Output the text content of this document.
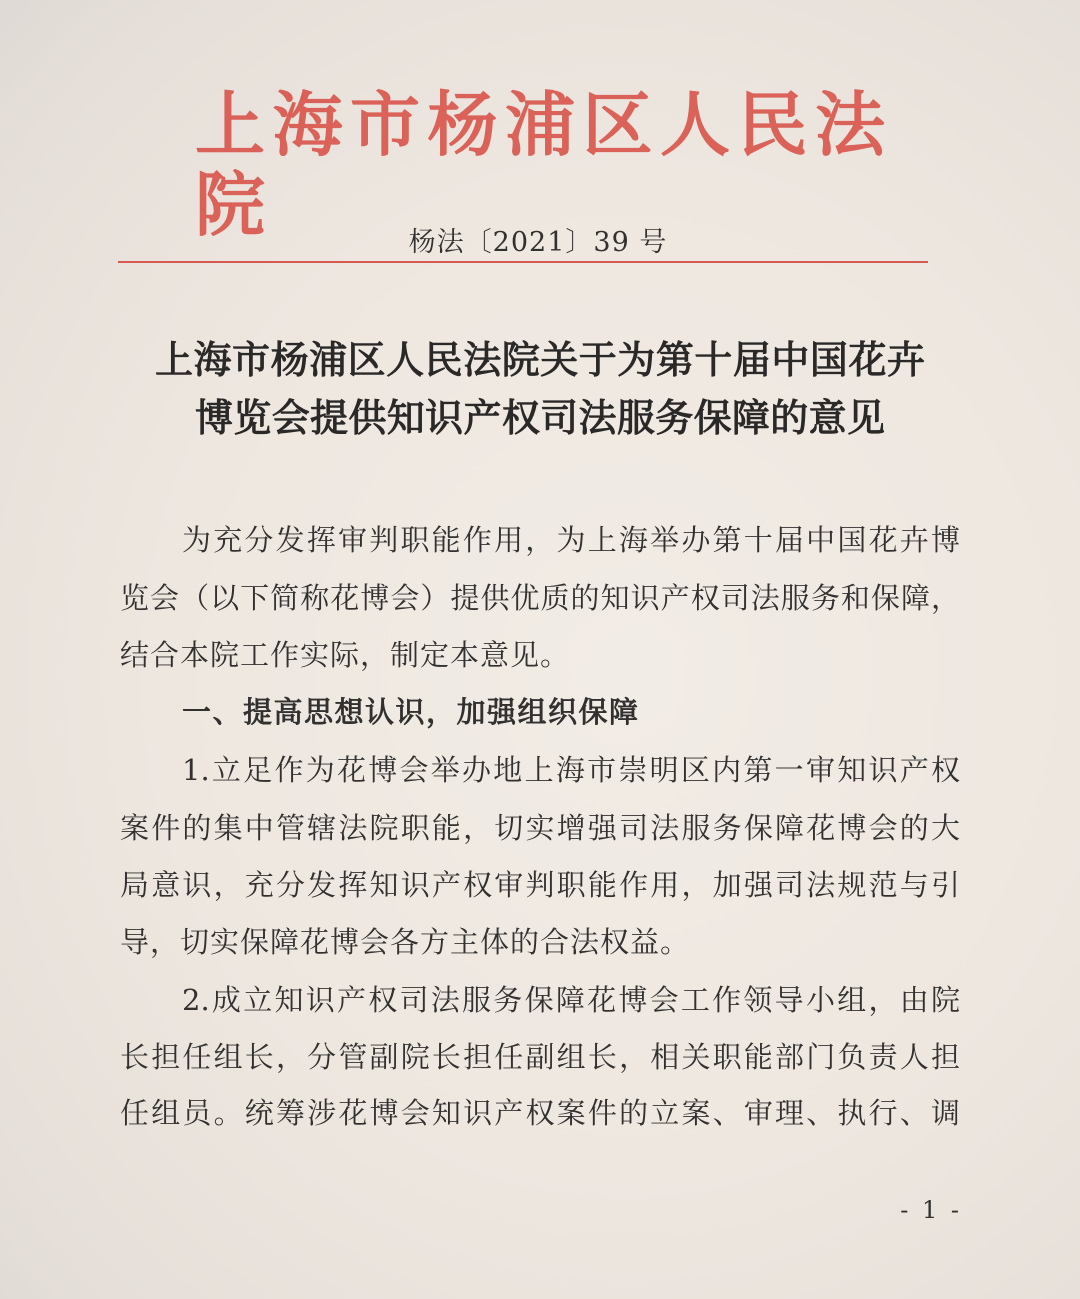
上海市杨浦区人民法院	杨法〔2021〕39 号
上海市杨浦区人民法院关于为第十届中国花卉
博览会提供知识产权司法服务保障的意见
为充分发挥审判职能作用，为上海举办第十届中国花卉博
览会（以下简称花博会）提供优质的知识产权司法服务和保障，
结合本院工作实际，制定本意见。
一、提高思想认识，加强组织保障
1.立足作为花博会举办地上海市崇明区内第一审知识产权
案件的集中管辖法院职能，切实增强司法服务保障花博会的大
局意识，充分发挥知识产权审判职能作用，加强司法规范与引
导，切实保障花博会各方主体的合法权益。
2.成立知识产权司法服务保障花博会工作领导小组，由院
长担任组长，分管副院长担任副组长，相关职能部门负责人担
任组员。统筹涉花博会知识产权案件的立案、审理、执行、调
- 1 -
